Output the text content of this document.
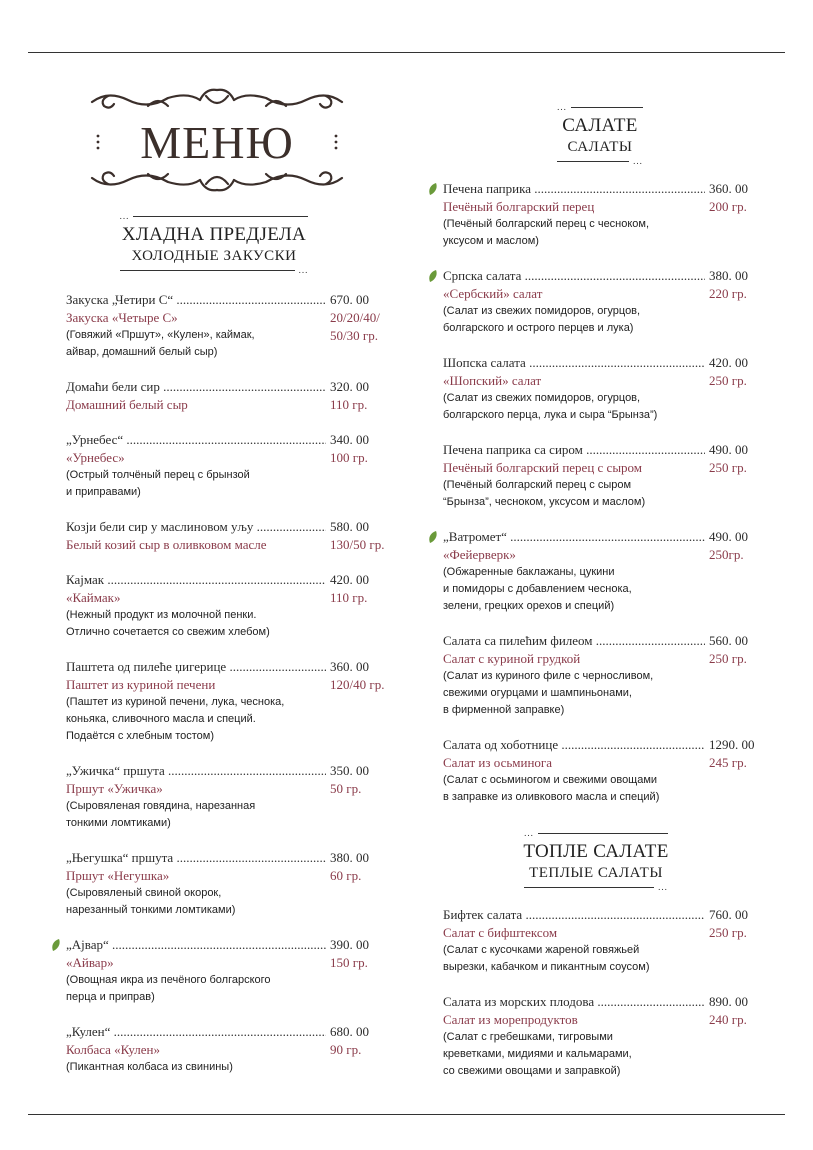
МЕНЮ
...
ХЛАДНА ПРЕДЈЕЛА
ХОЛОДНЫЕ ЗАКУСКИ
...
Закуска „Четири С“ .....	670. 00
Закуска «Четыре С»	20/20/40/
50/30 гр.
(Говяжий «Пршут», «Кулен», каймак,
айвар, домашний белый сыр)
Домаћи бели сир .....	320. 00
Домашний белый сыр	110 гр.
„Урнебес“ .....	340. 00
«Урнебес»	100 гр.
(Острый толчёный перец с брынзой
и приправами)
Козји бели сир у маслиновом уљу .....	580. 00
Белый козий сыр в оливковом масле	130/50 гр.
Кајмак .....	420. 00
«Каймак»	110 гр.
(Нежный продукт из молочной пенки.
Отлично сочетается со свежим хлебом)
Паштета од пилеће џигерице .....	360. 00
Паштет из куриной печени	120/40 гр.
(Паштет из куриной печени, лука, чеснока,
коньяка, сливочного масла и специй.
Подаётся с хлебным тостом)
„Ужичка“ пршута .....	350. 00
Пршут «Ужичка»	50 гр.
(Сыровяленая говядина, нарезанная
тонкими ломтиками)
„Његушка“ пршута .....	380. 00
Пршут «Негушка»	60 гр.
(Сыровяленый свиной окорок,
нарезанный тонкими ломтиками)
„Ајвар“ .....	390. 00
«Айвар»	150 гр.
(Овощная икра из печёного болгарского
перца и приправ)
„Кулен“ .....	680. 00
Колбаса «Кулен»	90 гр.
(Пикантная колбаса из свинины)
...
САЛАТЕ
САЛАТЫ
...
Печена паприка .....	360. 00
Печёный болгарский перец	200 гр.
(Печёный болгарский перец с чесноком,
уксусом и маслом)
Српска салата .....	380. 00
«Сербский» салат	220 гр.
(Салат из свежих помидоров, огурцов,
болгарского и острого перцев и лука)
Шопска салата .....	420. 00
«Шопский» салат	250 гр.
(Салат из свежих помидоров, огурцов,
болгарского перца, лука и сыра “Брынза”)
Печена паприка са сиром .....	490. 00
Печёный болгарский перец с сыром	250 гр.
(Печёный болгарский перец с сыром
“Брынза”, чесноком, уксусом и маслом)
„Ватромет“ .....	490. 00
«Фейерверк»	250гр.
(Обжаренные баклажаны, цукини
и помидоры с добавлением чеснока,
зелени, грецких орехов и специй)
Салата са пилећим филеом .....	560. 00
Салат с куриной грудкой	250 гр.
(Салат из куриного филе с черносливом,
свежими огурцами и шампиньонами,
в фирменной заправке)
Салата од хоботнице .....	1290. 00
Салат из осьминога	245 гр.
(Салат с осьминогом и свежими овощами
в заправке из оливкового масла и специй)
...
ТОПЛЕ САЛАТЕ
ТЕПЛЫЕ САЛАТЫ
...
Бифтек салата .....	760. 00
Салат с бифштексом	250 гр.
(Салат с кусочками жареной говяжьей
вырезки, кабачком и пикантным соусом)
Салата из морских плодова .....	890. 00
Салат из морепродуктов	240 гр.
(Салат с гребешками, тигровыми
креветками, мидиями и кальмарами,
со свежими овощами и заправкой)
